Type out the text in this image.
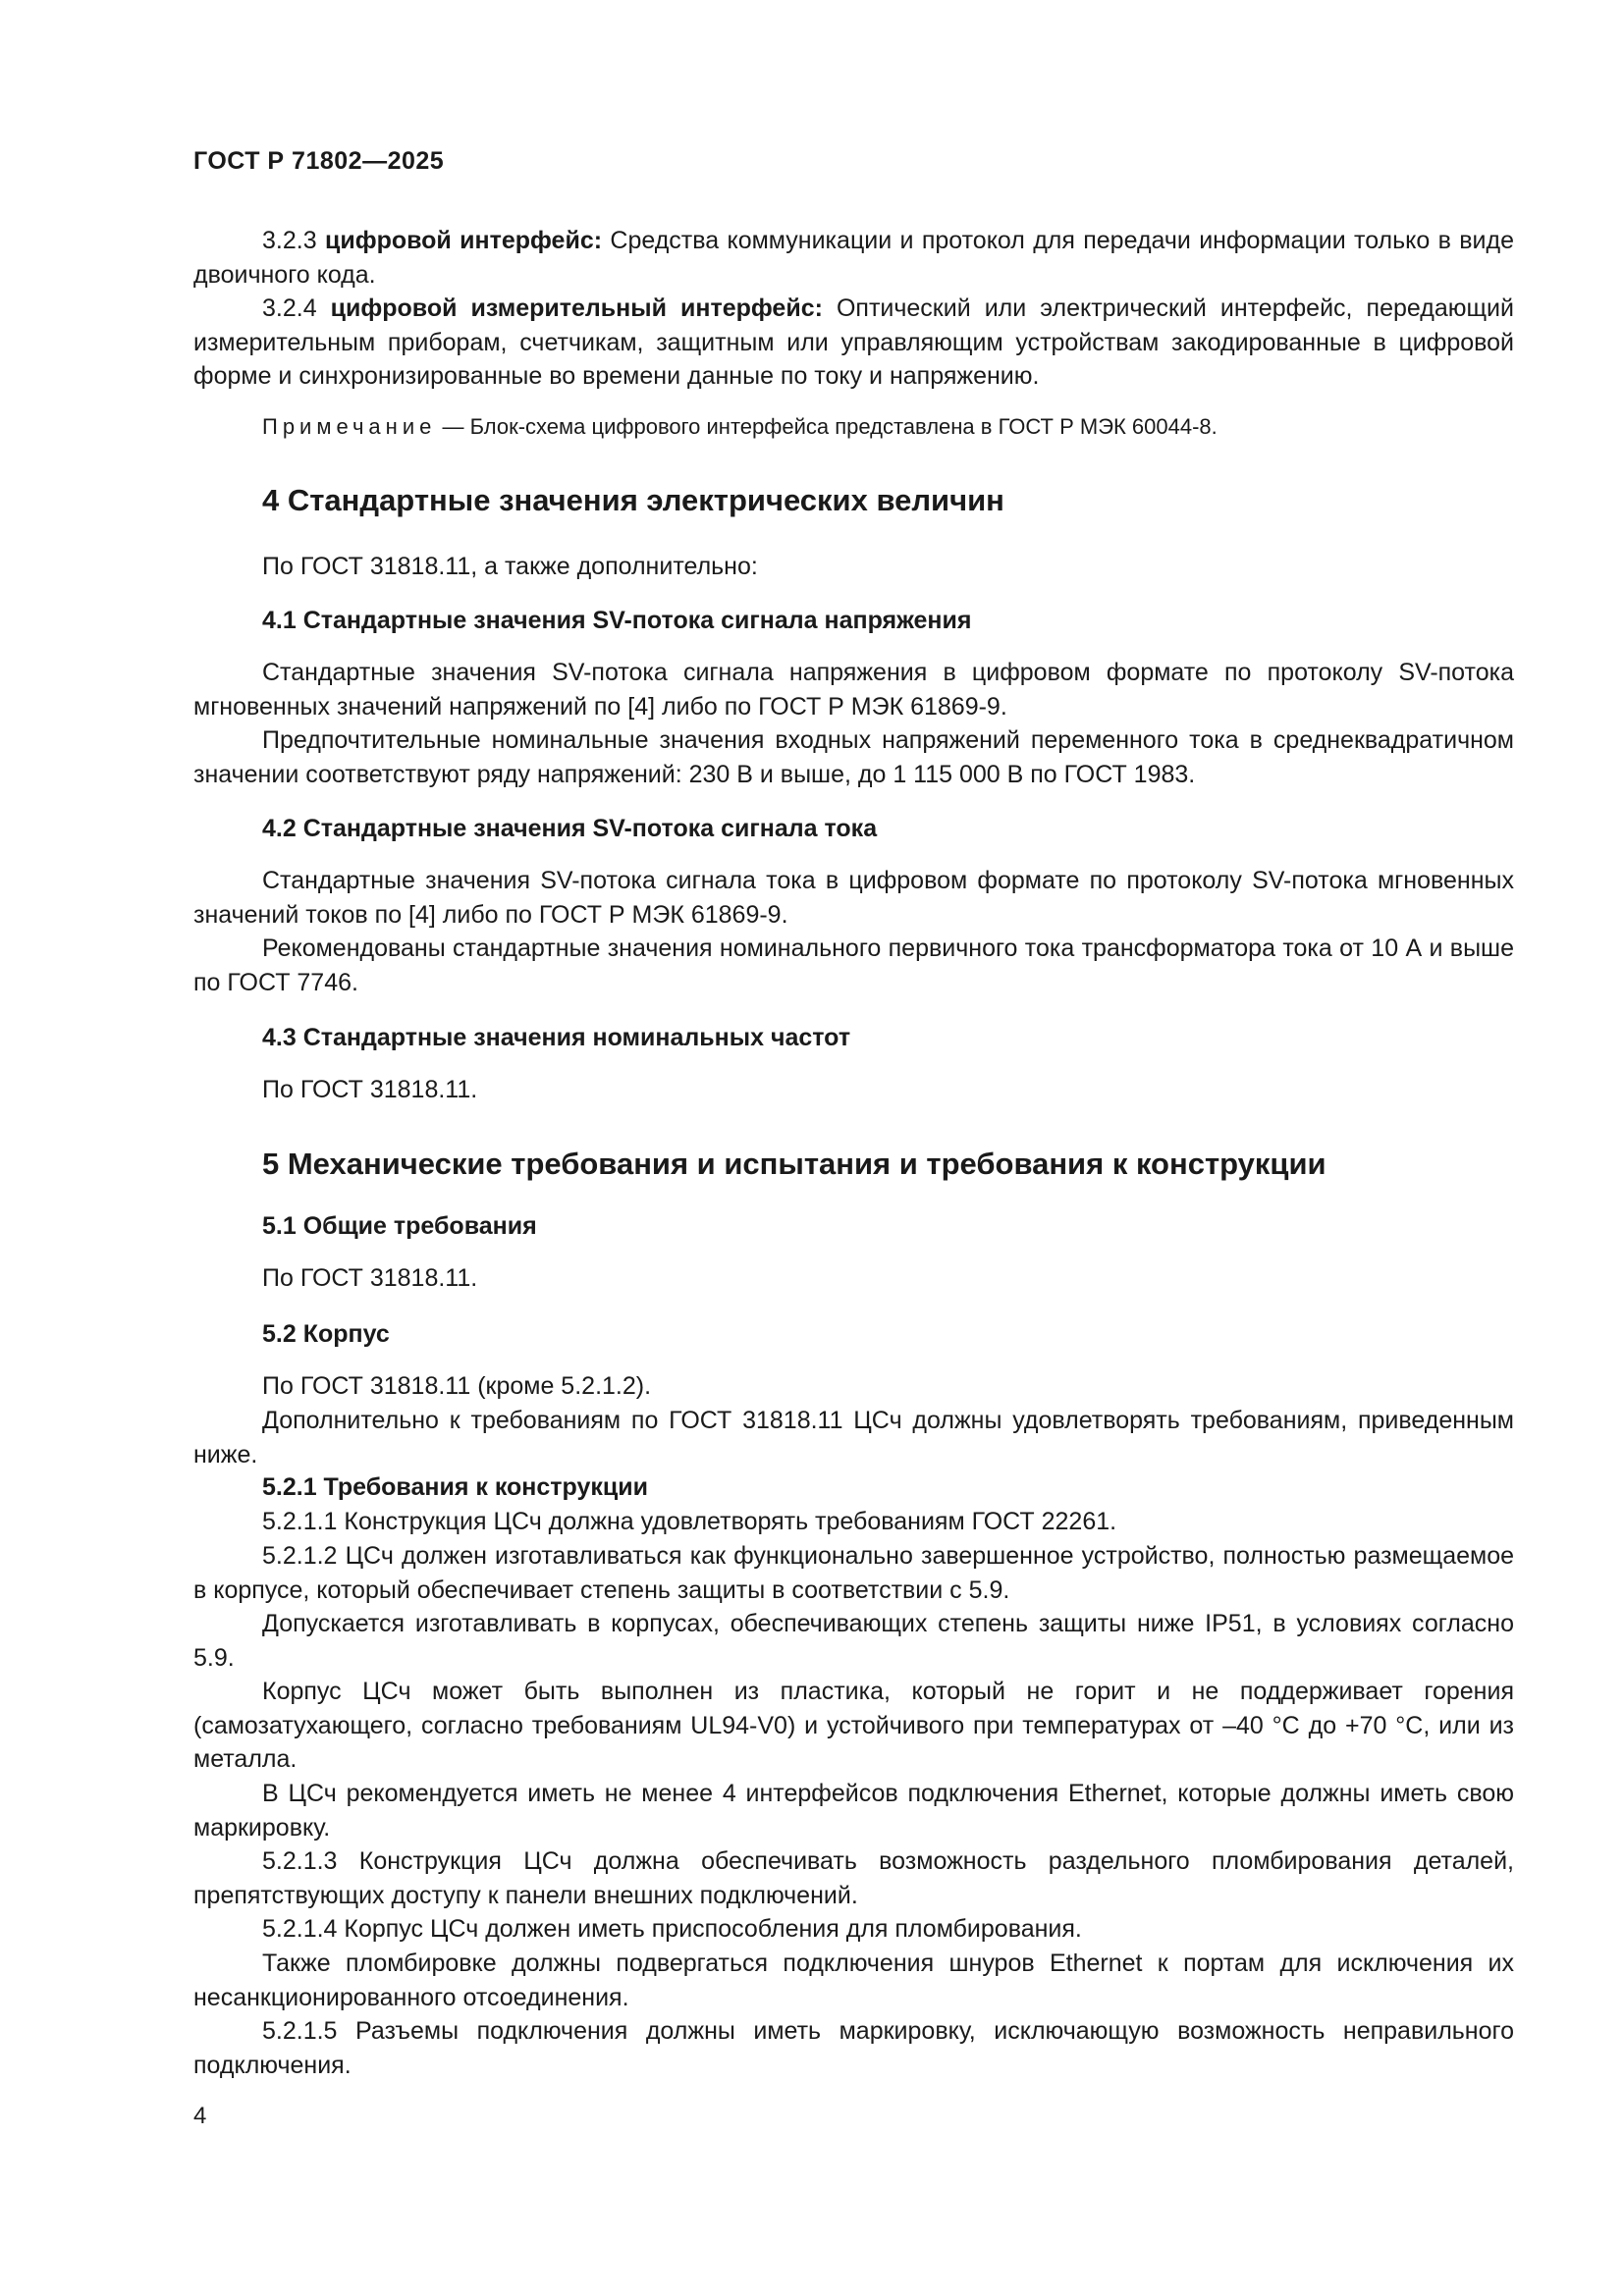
ГОСТ Р 71802—2025

3.2.3 цифровой интерфейс: Средства коммуникации и протокол для передачи информации только в виде двоичного кода.

3.2.4 цифровой измерительный интерфейс: Оптический или электрический интерфейс, передающий измерительным приборам, счетчикам, защитным или управляющим устройствам закодированные в цифровой форме и синхронизированные во времени данные по току и напряжению.

Примечание — Блок-схема цифрового интерфейса представлена в ГОСТ Р МЭК 60044-8.

4 Стандартные значения электрических величин

По ГОСТ 31818.11, а также дополнительно:

4.1 Стандартные значения SV-потока сигнала напряжения

Стандартные значения SV-потока сигнала напряжения в цифровом формате по протоколу SV-потока мгновенных значений напряжений по [4] либо по ГОСТ Р МЭК 61869-9.

Предпочтительные номинальные значения входных напряжений переменного тока в среднеквадратичном значении соответствуют ряду напряжений: 230 В и выше, до 1 115 000 В по ГОСТ 1983.

4.2 Стандартные значения SV-потока сигнала тока

Стандартные значения SV-потока сигнала тока в цифровом формате по протоколу SV-потока мгновенных значений токов по [4] либо по ГОСТ Р МЭК 61869-9.

Рекомендованы стандартные значения номинального первичного тока трансформатора тока от 10 А и выше по ГОСТ 7746.

4.3 Стандартные значения номинальных частот

По ГОСТ 31818.11.

5 Механические требования и испытания и требования к конструкции
5.1 Общие требования

По ГОСТ 31818.11.

5.2 Корпус

По ГОСТ 31818.11 (кроме 5.2.1.2).

Дополнительно к требованиям по ГОСТ 31818.11 ЦСч должны удовлетворять требованиям, приведенным ниже.

5.2.1 Требования к конструкции

5.2.1.1 Конструкция ЦСч должна удовлетворять требованиям ГОСТ 22261.

5.2.1.2 ЦСч должен изготавливаться как функционально завершенное устройство, полностью размещаемое в корпусе, который обеспечивает степень защиты в соответствии с 5.9.

Допускается изготавливать в корпусах, обеспечивающих степень защиты ниже IP51, в условиях согласно 5.9.

Корпус ЦСч может быть выполнен из пластика, который не горит и не поддерживает горения (самозатухающего, согласно требованиям UL94-V0) и устойчивого при температурах от –40 °С до +70 °С, или из металла.

В ЦСч рекомендуется иметь не менее 4 интерфейсов подключения Ethernet, которые должны иметь свою маркировку.

5.2.1.3 Конструкция ЦСч должна обеспечивать возможность раздельного пломбирования деталей, препятствующих доступу к панели внешних подключений.

5.2.1.4 Корпус ЦСч должен иметь приспособления для пломбирования.

Также пломбировке должны подвергаться подключения шнуров Ethernet к портам для исключения их несанкционированного отсоединения.

5.2.1.5 Разъемы подключения должны иметь маркировку, исключающую возможность неправильного подключения.

4
